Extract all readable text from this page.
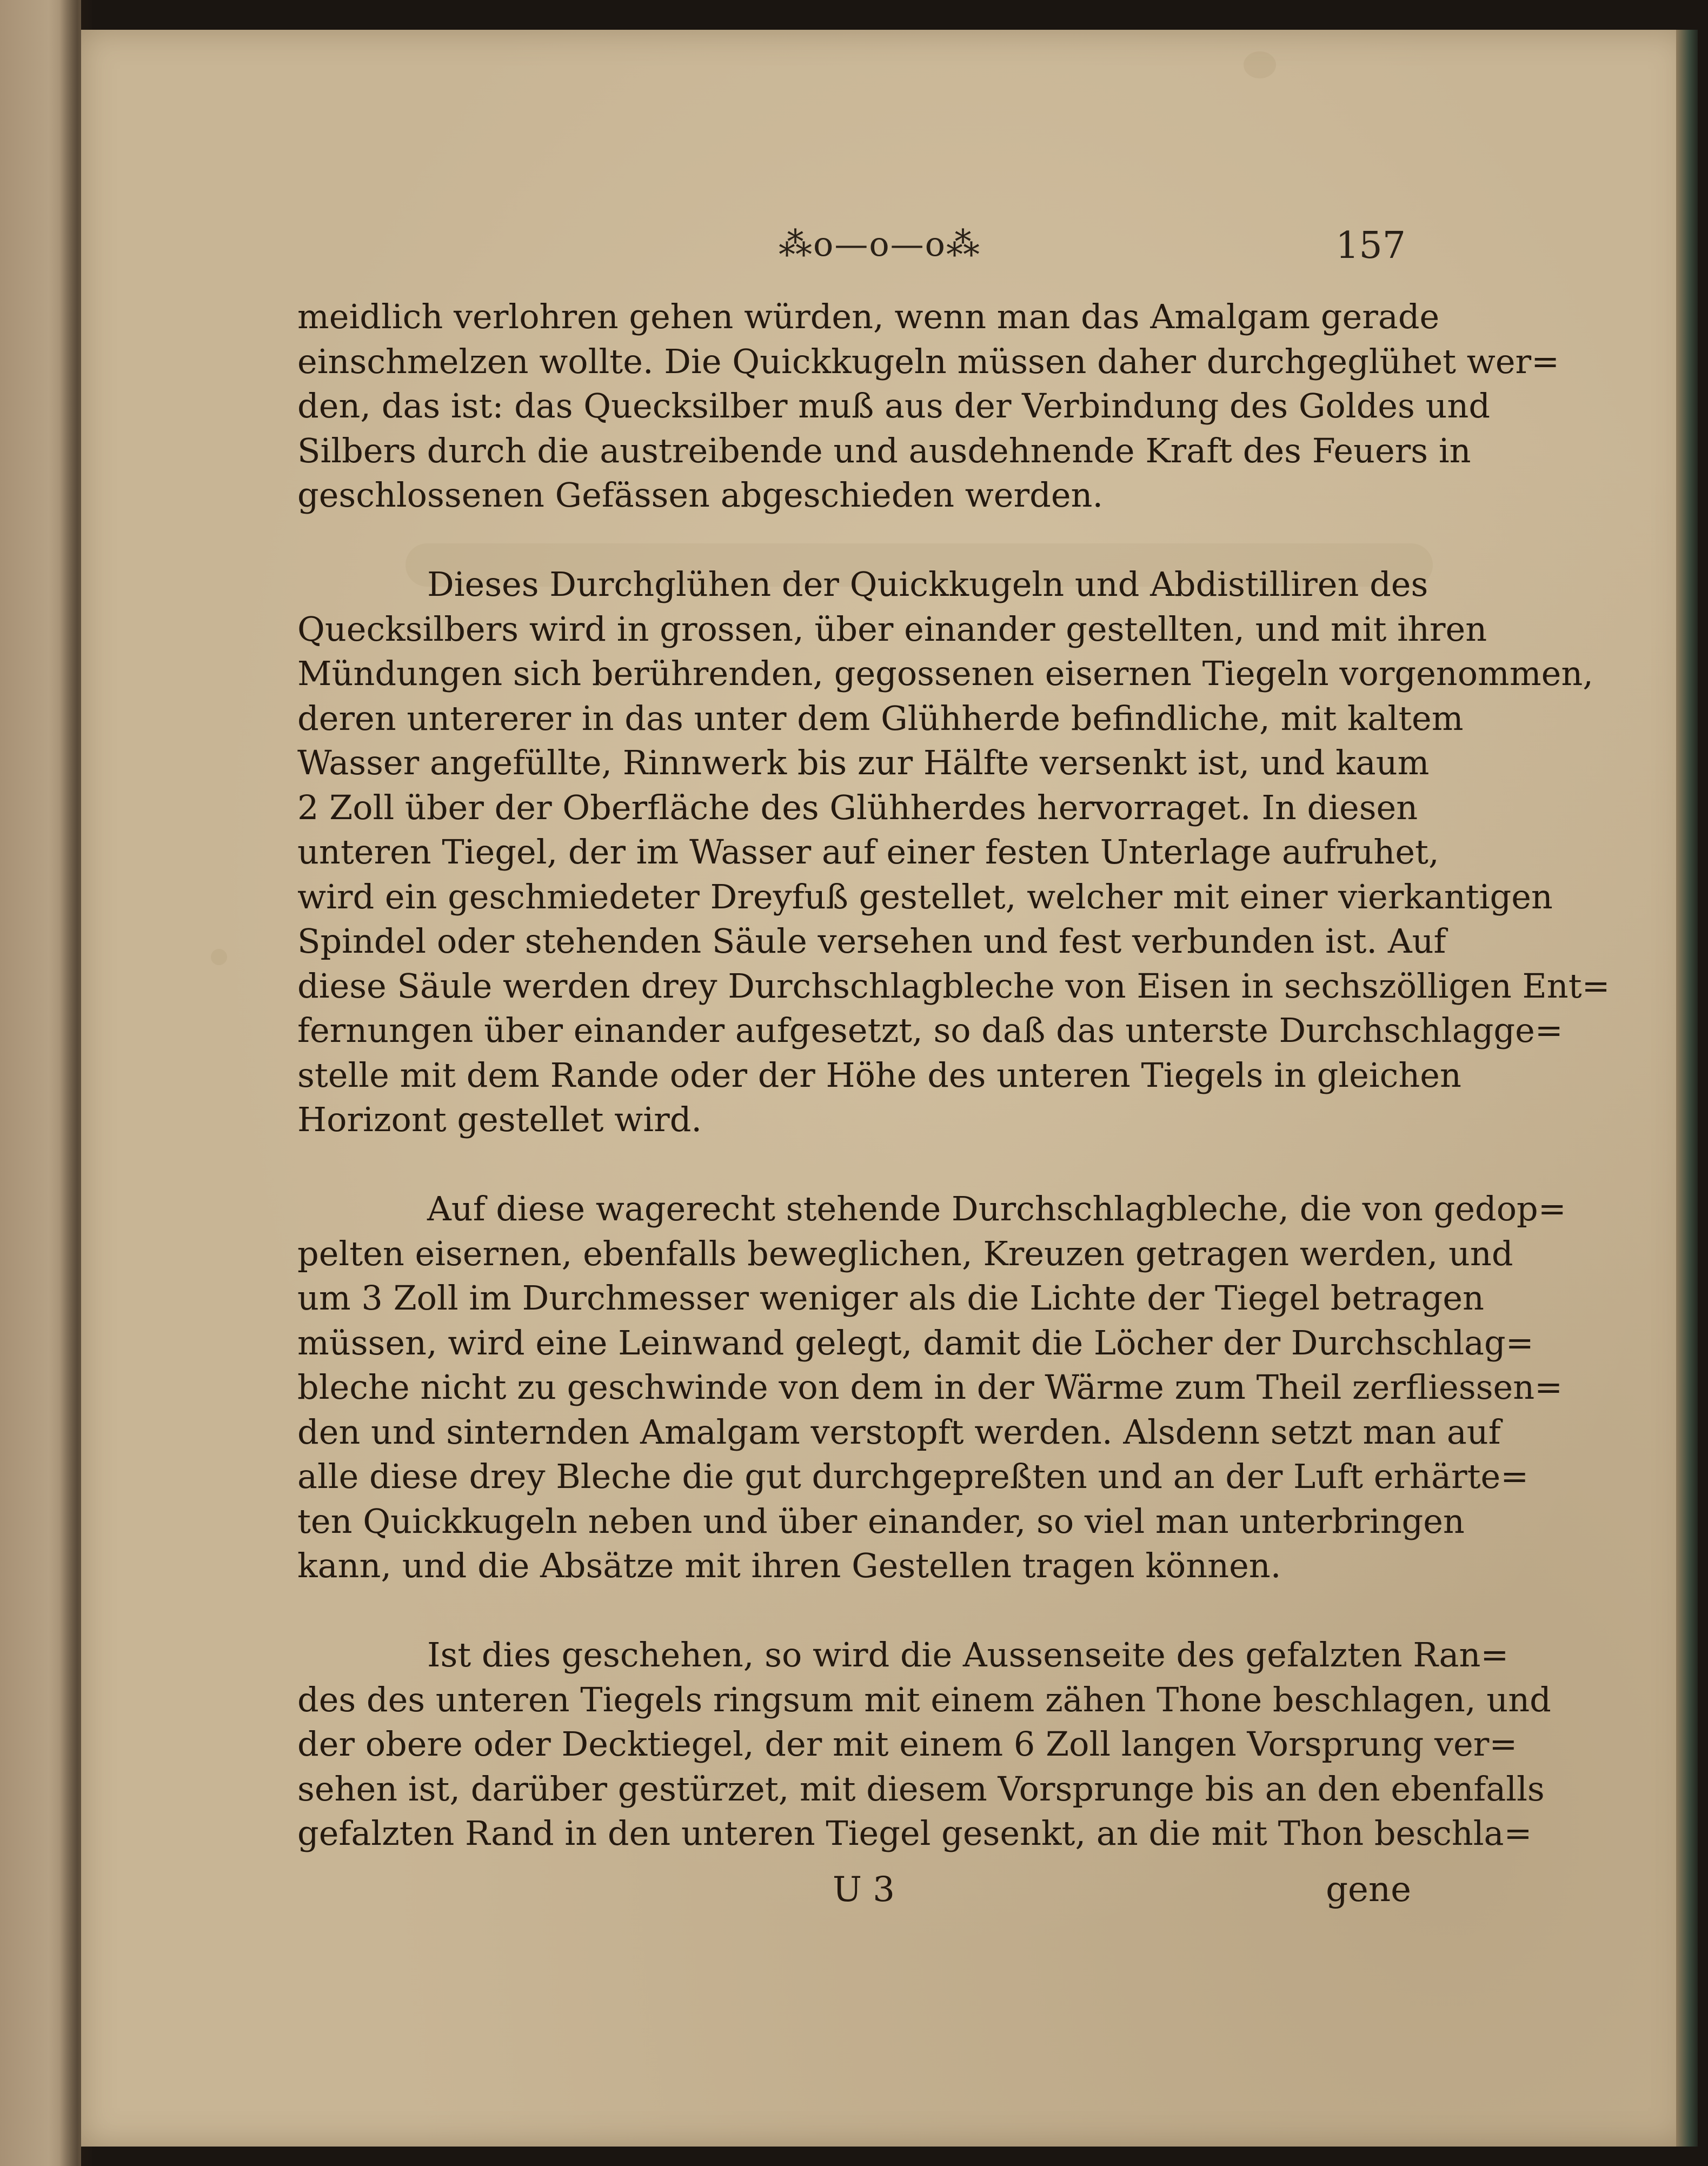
⁂o—o—o⁂	157
meidlich verlohren gehen würden, wenn man das Amalgam gerade
einschmelzen wollte. Die Quickkugeln müssen daher durchgeglühet wer=
den, das ist: das Quecksilber muß aus der Verbindung des Goldes und
Silbers durch die austreibende und ausdehnende Kraft des Feuers in
geschlossenen Gefässen abgeschieden werden.
Dieses Durchglühen der Quickkugeln und Abdistilliren des
Quecksilbers wird in grossen, über einander gestellten, und mit ihren
Mündungen sich berührenden, gegossenen eisernen Tiegeln vorgenommen,
deren untererer in das unter dem Glühherde befindliche, mit kaltem
Wasser angefüllte, Rinnwerk bis zur Hälfte versenkt ist, und kaum
2 Zoll über der Oberfläche des Glühherdes hervorraget. In diesen
unteren Tiegel, der im Wasser auf einer festen Unterlage aufruhet,
wird ein geschmiedeter Dreyfuß gestellet, welcher mit einer vierkantigen
Spindel oder stehenden Säule versehen und fest verbunden ist. Auf
diese Säule werden drey Durchschlagbleche von Eisen in sechszölligen Ent=
fernungen über einander aufgesetzt, so daß das unterste Durchschlagge=
stelle mit dem Rande oder der Höhe des unteren Tiegels in gleichen
Horizont gestellet wird.
Auf diese wagerecht stehende Durchschlagbleche, die von gedop=
pelten eisernen, ebenfalls beweglichen, Kreuzen getragen werden, und
um 3 Zoll im Durchmesser weniger als die Lichte der Tiegel betragen
müssen, wird eine Leinwand gelegt, damit die Löcher der Durchschlag=
bleche nicht zu geschwinde von dem in der Wärme zum Theil zerfliessen=
den und sinternden Amalgam verstopft werden. Alsdenn setzt man auf
alle diese drey Bleche die gut durchgepreßten und an der Luft erhärte=
ten Quickkugeln neben und über einander, so viel man unterbringen
kann, und die Absätze mit ihren Gestellen tragen können.
Ist dies geschehen, so wird die Aussenseite des gefalzten Ran=
des des unteren Tiegels ringsum mit einem zähen Thone beschlagen, und
der obere oder Decktiegel, der mit einem 6 Zoll langen Vorsprung ver=
sehen ist, darüber gestürzet, mit diesem Vorsprunge bis an den ebenfalls
gefalzten Rand in den unteren Tiegel gesenkt, an die mit Thon beschla=
U 3	gene
